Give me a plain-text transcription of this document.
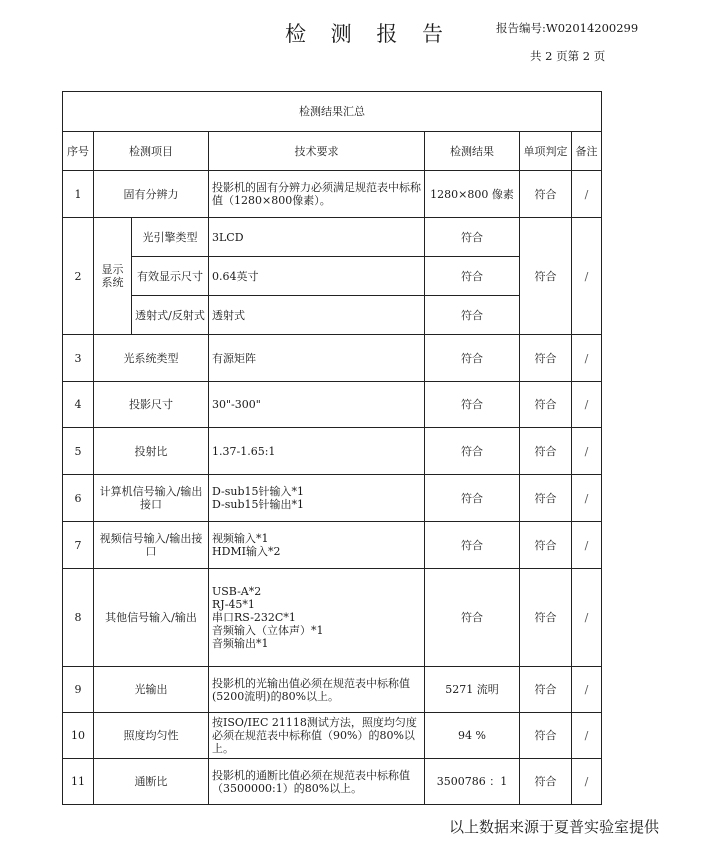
检 测 报 告	报告编号:W02014200299
共 2 页第 2 页
检测结果汇总						
序号	检测项目		技术要求	检测结果	单项判定	备注
1	固有分辨力		投影机的固有分辨力必须满足规范表中标称值（1280×800像素）。	1280×800 像素	符合	/
2	显示系统	光引擎类型	3LCD	符合	符合	/
		有效显示尺寸	0.64英寸	符合		
		透射式/反射式	透射式	符合		
3	光系统类型		有源矩阵	符合	符合	/
4	投影尺寸		30"-300"	符合	符合	/
5	投射比		1.37-1.65:1	符合	符合	/
6	计算机信号输入/输出接口		D-sub15针输入*1
D-sub15针输出*1	符合	符合	/
7	视频信号输入/输出接口		视频输入*1
HDMI输入*2	符合	符合	/
8	其他信号输入/输出		USB-A*2
RJ-45*1
串口RS-232C*1
音频输入（立体声）*1
音频输出*1	符合	符合	/
9	光输出		投影机的光输出值必须在规范表中标称值(5200流明)的80%以上。	5271 流明	符合	/
10	照度均匀性		按ISO/IEC 21118测试方法，照度均匀度必须在规范表中标称值（90%）的80%以上。	94 %	符合	/
11	通断比		投影机的通断比值必须在规范表中标称值（3500000:1）的80%以上。	3500786 ：1	符合	/
以上数据来源于夏普实验室提供
